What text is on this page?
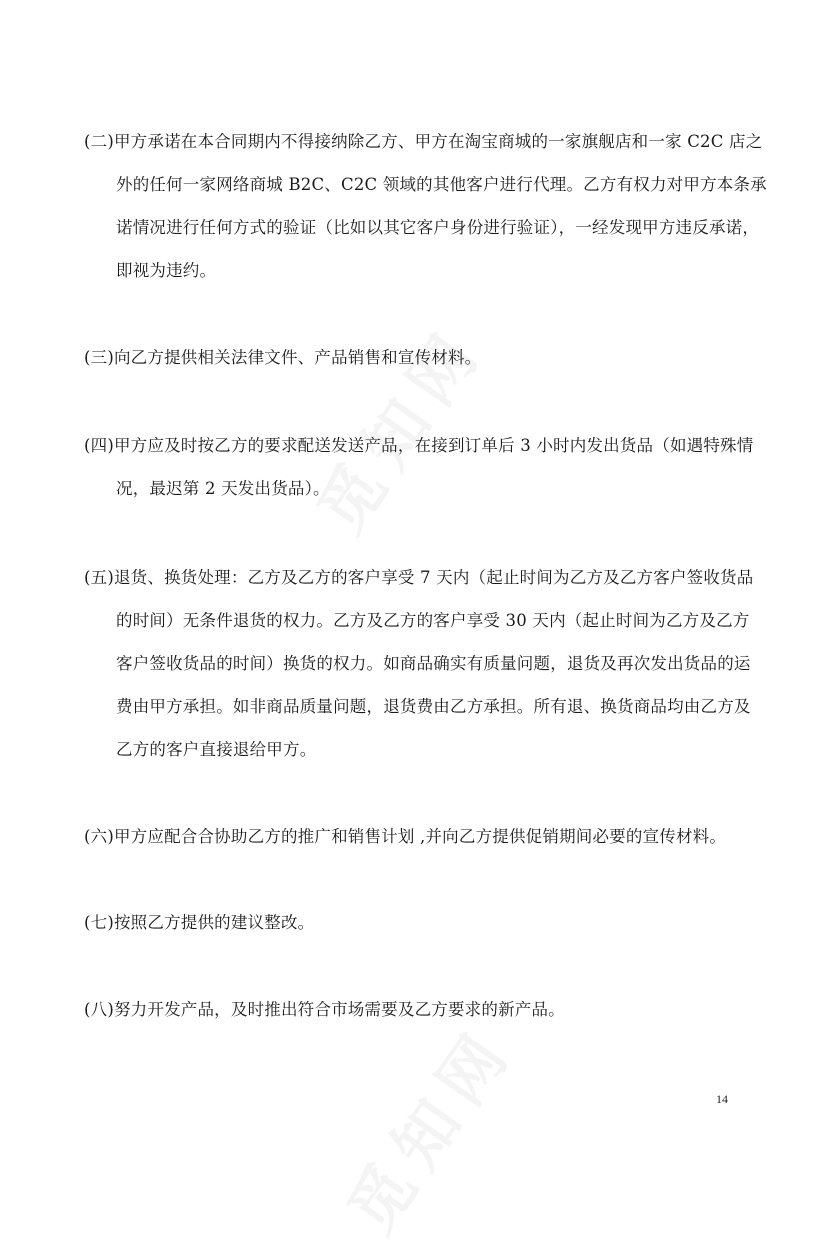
(二)甲方承诺在本合同期内不得接纳除乙方、甲方在淘宝商城的一家旗舰店和一家 C2C 店之
外的任何一家网络商城 B2C、C2C 领域的其他客户进行代理。乙方有权力对甲方本条承
诺情况进行任何方式的验证（比如以其它客户身份进行验证），一经发现甲方违反承诺，
即视为违约。
(三)向乙方提供相关法律文件、产品销售和宣传材料。
(四)甲方应及时按乙方的要求配送发送产品，在接到订单后 3 小时内发出货品（如遇特殊情
况，最迟第 2 天发出货品）。
(五)退货、换货处理：乙方及乙方的客户享受 7 天内（起止时间为乙方及乙方客户签收货品
的时间）无条件退货的权力。乙方及乙方的客户享受 30 天内（起止时间为乙方及乙方
客户签收货品的时间）换货的权力。如商品确实有质量问题，退货及再次发出货品的运
费由甲方承担。如非商品质量问题，退货费由乙方承担。所有退、换货商品均由乙方及
乙方的客户直接退给甲方。
(六)甲方应配合合协助乙方的推广和销售计划 ,并向乙方提供促销期间必要的宣传材料。
(七)按照乙方提供的建议整改。
(八)努力开发产品，及时推出符合市场需要及乙方要求的新产品。
14
